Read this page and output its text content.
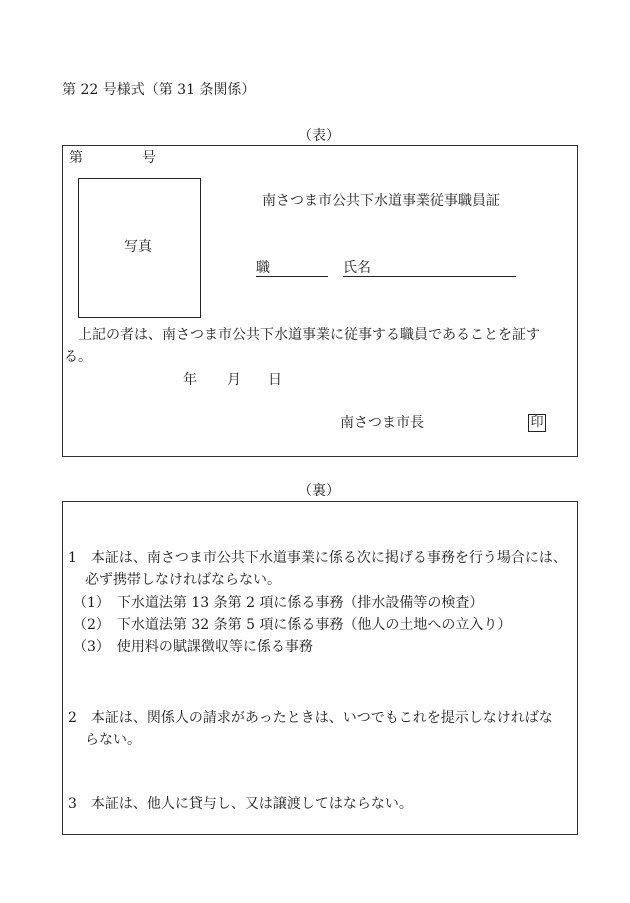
第 22 号様式（第 31 条関係）
（表）
第	号
写真
南さつま市公共下水道事業従事職員証
職	氏名
　上記の者は、南さつま市公共下水道事業に従事する職員であることを証す
る。
年 月 日
南さつま市長	印
（裏）
1　本証は、南さつま市公共下水道事業に係る次に掲げる事務を行う場合には、
必ず携帯しなければならない。
（1）　下水道法第 13 条第 2 項に係る事務（排水設備等の検査）
（2）　下水道法第 32 条第 5 項に係る事務（他人の土地への立入り）
（3）　使用料の賦課徴収等に係る事務
2　本証は、関係人の請求があったときは、いつでもこれを提示しなければな
らない。
3　本証は、他人に貸与し、又は譲渡してはならない。
